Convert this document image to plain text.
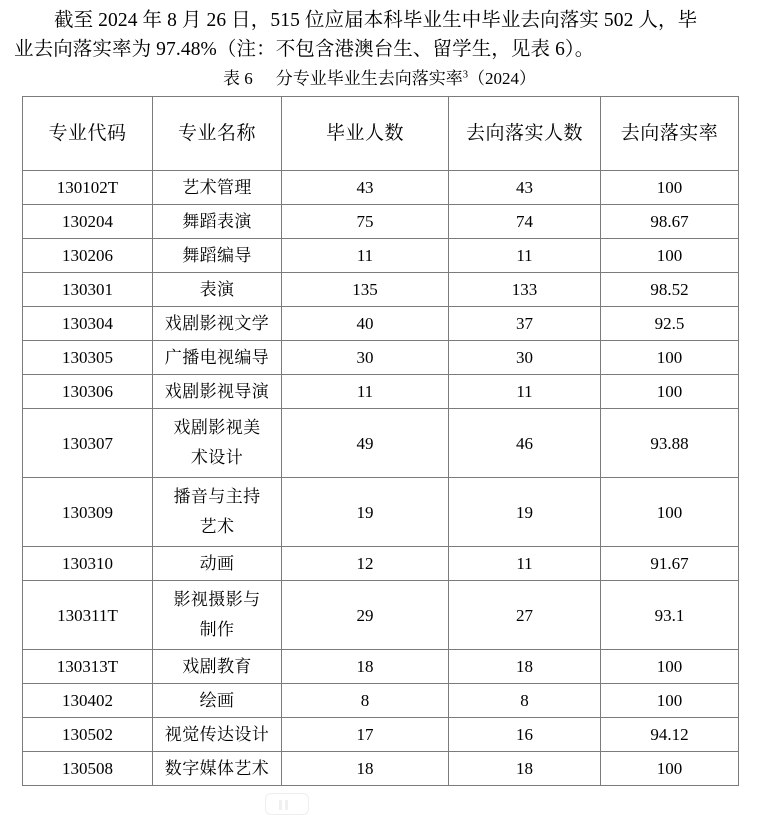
截至 2024 年 8 月 26 日，515 位应届本科毕业生中毕业去向落实 502 人，毕
业去向落实率为 97.48%（注：不包含港澳台生、留学生，见表 6）。

表 6 分专业毕业生去向落实率$^3$（2024）

专业代码	专业名称	毕业人数	去向落实人数	去向落实率
130102T	艺术管理	43	43	100
130204	舞蹈表演	75	74	98.67
130206	舞蹈编导	11	11	100
130301	表演	135	133	98.52
130304	戏剧影视文学	40	37	92.5
130305	广播电视编导	30	30	100
130306	戏剧影视导演	11	11	100
130307	戏剧影视美术设计	49	46	93.88
130309	播音与主持艺术	19	19	100
130310	动画	12	11	91.67
130311T	影视摄影与制作	29	27	93.1
130313T	戏剧教育	18	18	100
130402	绘画	8	8	100
130502	视觉传达设计	17	16	94.12
130508	数字媒体艺术	18	18	100
